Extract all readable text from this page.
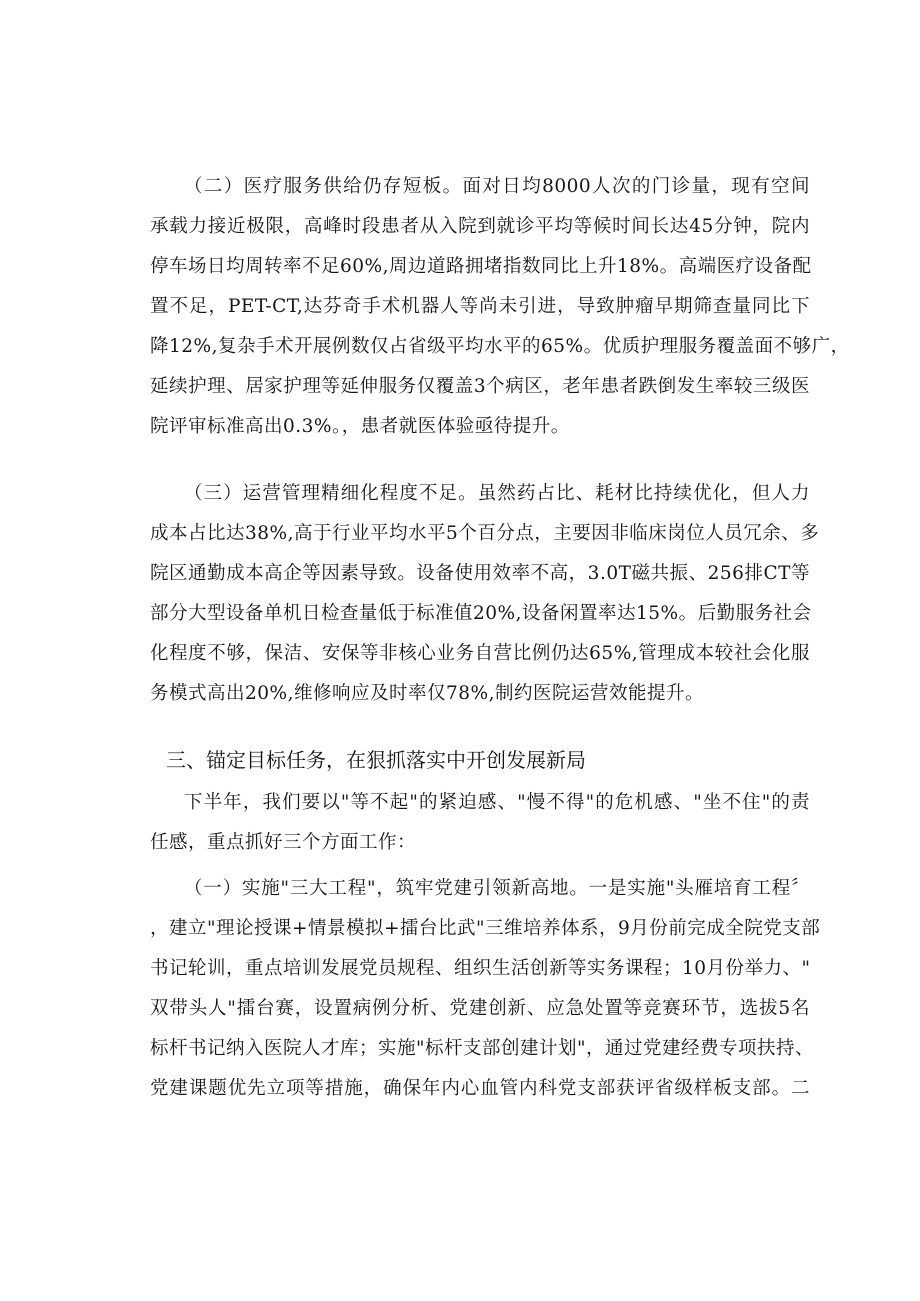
（二）医疗服务供给仍存短板。面对日均8000人次的门诊量，现有空间
承载力接近极限，高峰时段患者从入院到就诊平均等候时间长达45分钟，院内
停车场日均周转率不足60%,周边道路拥堵指数同比上升18%。高端医疗设备配
置不足，PET-CT,达芬奇手术机器人等尚未引进，导致肿瘤早期筛查量同比下
降12%,复杂手术开展例数仅占省级平均水平的65%。优质护理服务覆盖面不够广，
延续护理、居家护理等延伸服务仅覆盖3个病区，老年患者跌倒发生率较三级医
院评审标准高出0.3%。，患者就医体验亟待提升。
（三）运营管理精细化程度不足。虽然药占比、耗材比持续优化，但人力
成本占比达38%,高于行业平均水平5个百分点，主要因非临床岗位人员冗余、多
院区通勤成本高企等因素导致。设备使用效率不高，3.0T磁共振、256排CT等
部分大型设备单机日检查量低于标准值20%,设备闲置率达15%。后勤服务社会
化程度不够，保洁、安保等非核心业务自营比例仍达65%,管理成本较社会化服
务模式高出20%,维修响应及时率仅78%,制约医院运营效能提升。
三、锚定目标任务，在狠抓落实中开创发展新局
下半年，我们要以"等不起"的紧迫感、"慢不得"的危机感、"坐不住"的责
任感，重点抓好三个方面工作：
（一）实施"三大工程"，筑牢党建引领新高地。一是实施"头雁培育工程〞
，建立"理论授课+情景模拟+擂台比武"三维培养体系，9月份前完成全院党支部
书记轮训，重点培训发展党员规程、组织生活创新等实务课程；10月份举力、"
双带头人"擂台赛，设置病例分析、党建创新、应急处置等竞赛环节，选拔5名
标杆书记纳入医院人才库；实施"标杆支部创建计划"，通过党建经费专项扶持、
党建课题优先立项等措施，确保年内心血管内科党支部获评省级样板支部。二
